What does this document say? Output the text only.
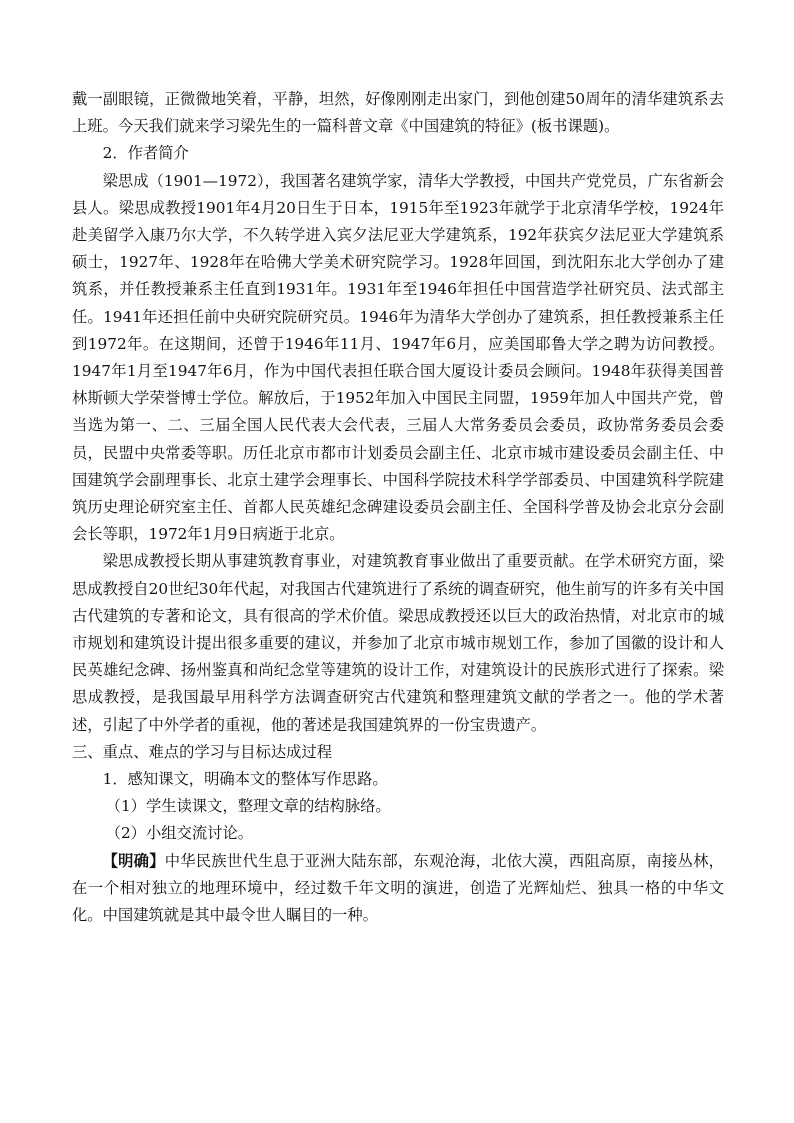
戴一副眼镜，正微微地笑着，平静，坦然，好像刚刚走出家门，到他创建50周年的清华建筑系去上班。今天我们就来学习梁先生的一篇科普文章《中国建筑的特征》(板书课题)。

2．作者简介

梁思成（1901—1972），我国著名建筑学家，清华大学教授，中国共产党党员，广东省新会县人。梁思成教授1901年4月20日生于日本，1915年至1923年就学于北京清华学校，1924年赴美留学入康乃尔大学，不久转学进入宾夕法尼亚大学建筑系，192年获宾夕法尼亚大学建筑系硕士，1927年、1928年在哈佛大学美术研究院学习。1928年回国，到沈阳东北大学创办了建筑系，并任教授兼系主任直到1931年。1931年至1946年担任中国营造学社研究员、法式部主任。1941年还担任前中央研究院研究员。1946年为清华大学创办了建筑系，担任教授兼系主任到1972年。在这期间，还曾于1946年11月、1947年6月，应美国耶鲁大学之聘为访问教授。1947年1月至1947年6月，作为中国代表担任联合国大厦设计委员会顾问。1948年获得美国普林斯顿大学荣誉博士学位。解放后，于1952年加入中国民主同盟，1959年加人中国共产党，曾当选为第一、二、三届全国人民代表大会代表，三届人大常务委员会委员，政协常务委员会委员，民盟中央常委等职。历任北京市都市计划委员会副主任、北京市城市建设委员会副主任、中国建筑学会副理事长、北京土建学会理事长、中国科学院技术科学学部委员、中国建筑科学院建筑历史理论研究室主任、首都人民英雄纪念碑建设委员会副主任、全国科学普及协会北京分会副会长等职，1972年1月9日病逝于北京。

梁思成教授长期从事建筑教育事业，对建筑教育事业做出了重要贡献。在学术研究方面，梁思成教授自20世纪30年代起，对我国古代建筑进行了系统的调查研究，他生前写的许多有关中国古代建筑的专著和论文，具有很高的学术价值。梁思成教授还以巨大的政治热情，对北京市的城市规划和建筑设计提出很多重要的建议，并参加了北京市城市规划工作，参加了国徽的设计和人民英雄纪念碑、扬州鉴真和尚纪念堂等建筑的设计工作，对建筑设计的民族形式进行了探索。梁思成教授，是我国最早用科学方法调查研究古代建筑和整理建筑文献的学者之一。他的学术著述，引起了中外学者的重视，他的著述是我国建筑界的一份宝贵遗产。

三、重点、难点的学习与目标达成过程

1．感知课文，明确本文的整体写作思路。

（1）学生读课文，整理文章的结构脉络。

（2）小组交流讨论。

【明确】中华民族世代生息于亚洲大陆东部，东观沧海，北依大漠，西阻高原，南接丛林，在一个相对独立的地理环境中，经过数千年文明的演进，创造了光辉灿烂、独具一格的中华文化。中国建筑就是其中最令世人瞩目的一种。
